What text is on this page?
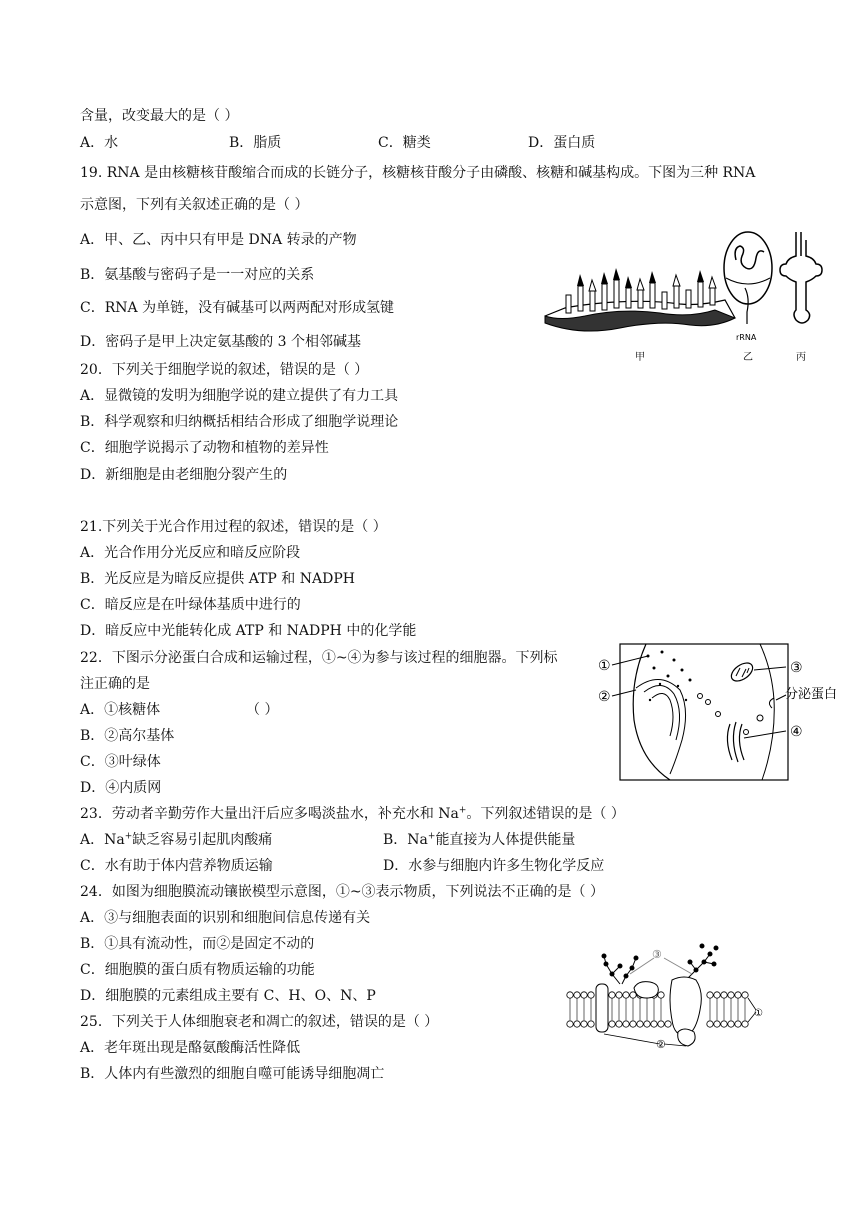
含量，改变最大的是（ ）
A．水	B．脂质	C．糖类	D．蛋白质
19. RNA 是由核糖核苷酸缩合而成的长链分子，核糖核苷酸分子由磷酸、核糖和碱基构成。下图为三种 RNA
示意图，下列有关叙述正确的是（ ）
A．甲、乙、丙中只有甲是 DNA 转录的产物
B．氨基酸与密码子是一一对应的关系
C．RNA 为单链，没有碱基可以两两配对形成氢键
D．密码子是甲上决定氨基酸的 3 个相邻碱基
甲
rRNA
乙	丙
20．下列关于细胞学说的叙述，错误的是（ ）
A．显微镜的发明为细胞学说的建立提供了有力工具
B．科学观察和归纳概括相结合形成了细胞学说理论
C．细胞学说揭示了动物和植物的差异性
D．新细胞是由老细胞分裂产生的
21.下列关于光合作用过程的叙述，错误的是（ ）
A．光合作用分光反应和暗反应阶段
B．光反应是为暗反应提供 ATP 和 NADPH
C．暗反应是在叶绿体基质中进行的
D．暗反应中光能转化成 ATP 和 NADPH 中的化学能
22．下图示分泌蛋白合成和运输过程，①~④为参与该过程的细胞器。下列标
注正确的是
A．①核糖体	（ ）
B．②高尔基体
C．③叶绿体
D．④内质网
①
②
③
④
分泌蛋白
23．劳动者辛勤劳作大量出汗后应多喝淡盐水，补充水和 Na+。下列叙述错误的是（ ）
A．Na+缺乏容易引起肌肉酸痛	B．Na+能直接为人体提供能量
C．水有助于体内营养物质运输	D．水参与细胞内许多生物化学反应
24．如图为细胞膜流动镶嵌模型示意图，①~③表示物质，下列说法不正确的是（ ）
A．③与细胞表面的识别和细胞间信息传递有关
B．①具有流动性，而②是固定不动的
C．细胞膜的蛋白质有物质运输的功能
D．细胞膜的元素组成主要有 C、H、O、N、P
③
①
②
25．下列关于人体细胞衰老和凋亡的叙述，错误的是（ ）
A．老年斑出现是酪氨酸酶活性降低
B．人体内有些激烈的细胞自噬可能诱导细胞凋亡
